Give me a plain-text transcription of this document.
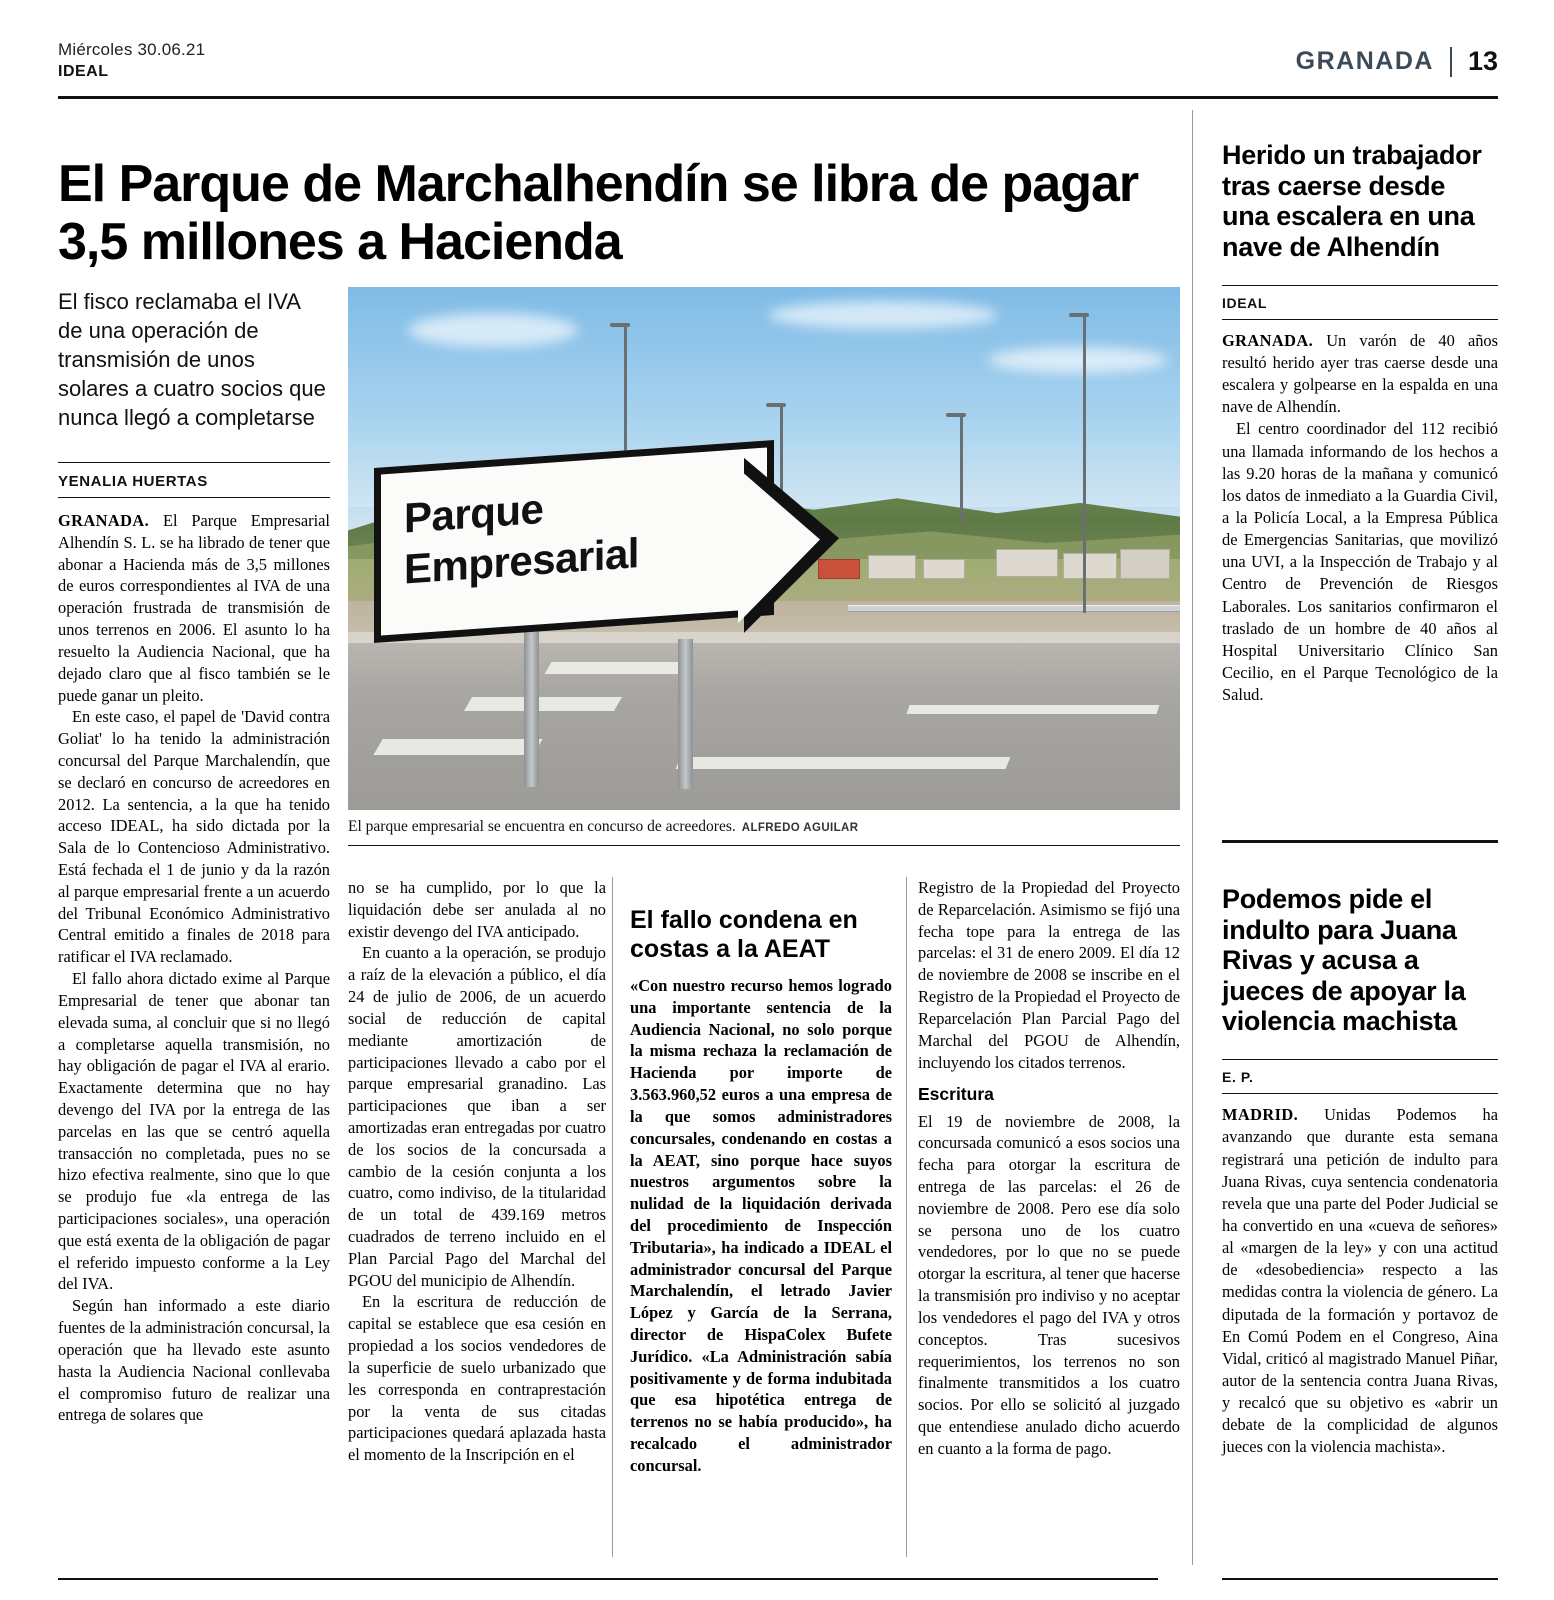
Miércoles 30.06.21
IDEAL	GRANADA 13
El Parque de Marchalhendín se libra de pagar 3,5 millones a Hacienda
El fisco reclamaba el IVA de una operación de transmisión de unos solares a cuatro socios que nunca llegó a completarse
YENALIA HUERTAS
Parque
Empresarial
El parque empresarial se encuentra en concurso de acreedores. ALFREDO AGUILAR

GRANADA. El Parque Empresarial Alhendín S. L. se ha librado de tener que abonar a Hacienda más de 3,5 millones de euros correspondientes al IVA de una operación frustrada de transmisión de unos terrenos en 2006. El asunto lo ha resuelto la Audiencia Nacional, que ha dejado claro que al fisco también se le puede ganar un pleito.

En este caso, el papel de 'David contra Goliat' lo ha tenido la administración concursal del Parque Marchalendín, que se declaró en concurso de acreedores en 2012. La sentencia, a la que ha tenido acceso IDEAL, ha sido dictada por la Sala de lo Contencioso Administrativo. Está fechada el 1 de junio y da la razón al parque empresarial frente a un acuerdo del Tribunal Económico Administrativo Central emitido a finales de 2018 para ratificar el IVA reclamado.

El fallo ahora dictado exime al Parque Empresarial de tener que abonar tan elevada suma, al concluir que si no llegó a completarse aquella transmisión, no hay obligación de pagar el IVA al erario. Exactamente determina que no hay devengo del IVA por la entrega de las parcelas en las que se centró aquella transacción no completada, pues no se hizo efectiva realmente, sino que lo que se produjo fue «la entrega de las participaciones sociales», una operación que está exenta de la obligación de pagar el referido impuesto conforme a la Ley del IVA.

Según han informado a este diario fuentes de la administración concursal, la operación que ha llevado este asunto hasta la Audiencia Nacional conllevaba el compromiso futuro de realizar una entrega de solares que

no se ha cumplido, por lo que la liquidación debe ser anulada al no existir devengo del IVA anticipado.

En cuanto a la operación, se produjo a raíz de la elevación a público, el día 24 de julio de 2006, de un acuerdo social de reducción de capital mediante amortización de participaciones llevado a cabo por el parque empresarial granadino. Las participaciones que iban a ser amortizadas eran entregadas por cuatro de los socios de la concursada a cambio de la cesión conjunta a los cuatro, como indiviso, de la titularidad de un total de 439.169 metros cuadrados de terreno incluido en el Plan Parcial Pago del Marchal del PGOU del municipio de Alhendín.

En la escritura de reducción de capital se establece que esa cesión en propiedad a los socios vendedores de la superficie de suelo urbanizado que les corresponda en contraprestación por la venta de sus citadas participaciones quedará aplazada hasta el momento de la Inscripción en el

El fallo condena en costas a la AEAT

«Con nuestro recurso hemos logrado una importante sentencia de la Audiencia Nacional, no solo porque la misma rechaza la reclamación de Hacienda por importe de 3.563.960,52 euros a una empresa de la que somos administradores concursales, condenando en costas a la AEAT, sino porque hace suyos nuestros argumentos sobre la nulidad de la liquidación derivada del procedimiento de Inspección Tributaria», ha indicado a IDEAL el administrador concursal del Parque Marchalendín, el letrado Javier López y García de la Serrana, director de HispaColex Bufete Jurídico. «La Administración sabía positivamente y de forma indubitada que esa hipotética entrega de terrenos no se había producido», ha recalcado el administrador concursal.

Registro de la Propiedad del Proyecto de Reparcelación. Asimismo se fijó una fecha tope para la entrega de las parcelas: el 31 de enero 2009. El día 12 de noviembre de 2008 se inscribe en el Registro de la Propiedad el Proyecto de Reparcelación Plan Parcial Pago del Marchal del PGOU de Alhendín, incluyendo los citados terrenos.

Escritura

El 19 de noviembre de 2008, la concursada comunicó a esos socios una fecha para otorgar la escritura de entrega de las parcelas: el 26 de noviembre de 2008. Pero ese día solo se persona uno de los cuatro vendedores, por lo que no se puede otorgar la escritura, al tener que hacerse la transmisión pro indiviso y no aceptar los vendedores el pago del IVA y otros conceptos. Tras sucesivos requerimientos, los terrenos no son finalmente transmitidos a los cuatro socios. Por ello se solicitó al juzgado que entendiese anulado dicho acuerdo en cuanto a la forma de pago.

Herido un trabajador tras caerse desde una escalera en una nave de Alhendín
IDEAL

GRANADA. Un varón de 40 años resultó herido ayer tras caerse desde una escalera y golpearse en la espalda en una nave de Alhendín.

El centro coordinador del 112 recibió una llamada informando de los hechos a las 9.20 horas de la mañana y comunicó los datos de inmediato a la Guardia Civil, a la Policía Local, a la Empresa Pública de Emergencias Sanitarias, que movilizó una UVI, a la Inspección de Trabajo y al Centro de Prevención de Riesgos Laborales. Los sanitarios confirmaron el traslado de un hombre de 40 años al Hospital Universitario Clínico San Cecilio, en el Parque Tecnológico de la Salud.

Podemos pide el indulto para Juana Rivas y acusa a jueces de apoyar la violencia machista
E. P.

MADRID. Unidas Podemos ha avanzando que durante esta semana registrará una petición de indulto para Juana Rivas, cuya sentencia condenatoria revela que una parte del Poder Judicial se ha convertido en una «cueva de señores» al «margen de la ley» y con una actitud de «desobediencia» respecto a las medidas contra la violencia de género. La diputada de la formación y portavoz de En Comú Podem en el Congreso, Aina Vidal, criticó al magistrado Manuel Piñar, autor de la sentencia contra Juana Rivas, y recalcó que su objetivo es «abrir un debate de la complicidad de algunos jueces con la violencia machista».
